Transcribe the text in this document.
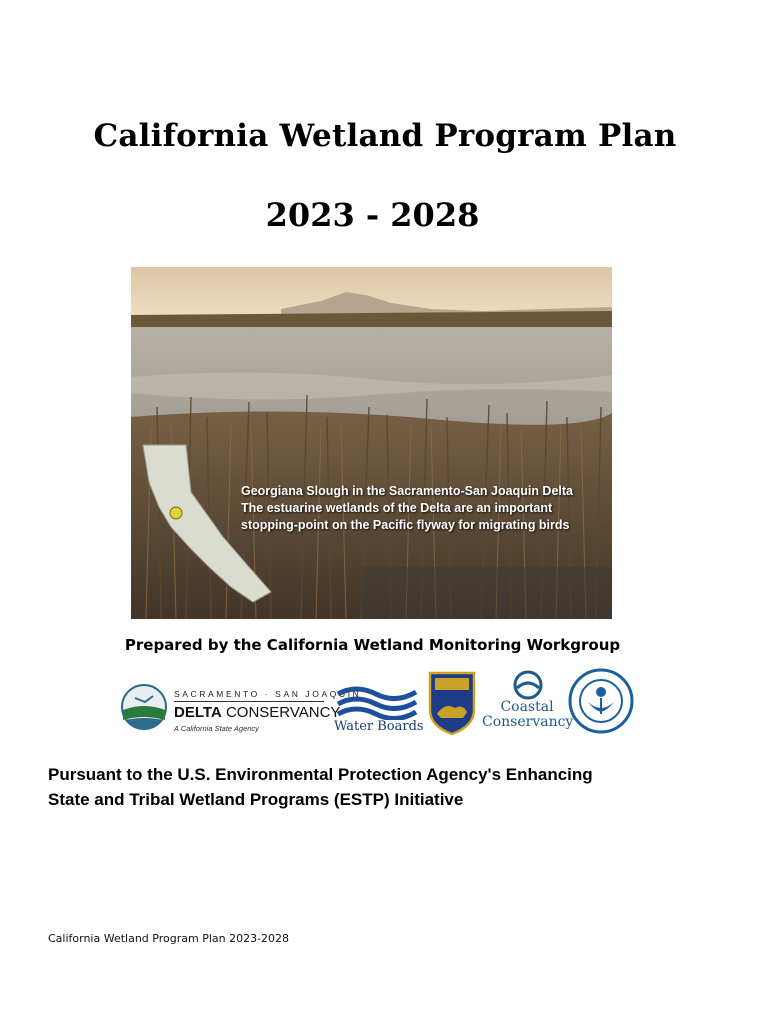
California Wetland Program Plan
2023 - 2028
Georgiana Slough in the Sacramento-San Joaquin Delta
The estuarine wetlands of the Delta are an important
stopping-point on the Pacific flyway for migrating birds
Prepared by the California Wetland Monitoring Workgroup
SACRAMENTO · SAN JOAQUIN
DELTA CONSERVANCY
A California State Agency	Water Boards
Coastal
Conservancy
Pursuant to the U.S. Environmental Protection Agency's Enhancing
State and Tribal Wetland Programs (ESTP) Initiative
California Wetland Program Plan 2023-2028
